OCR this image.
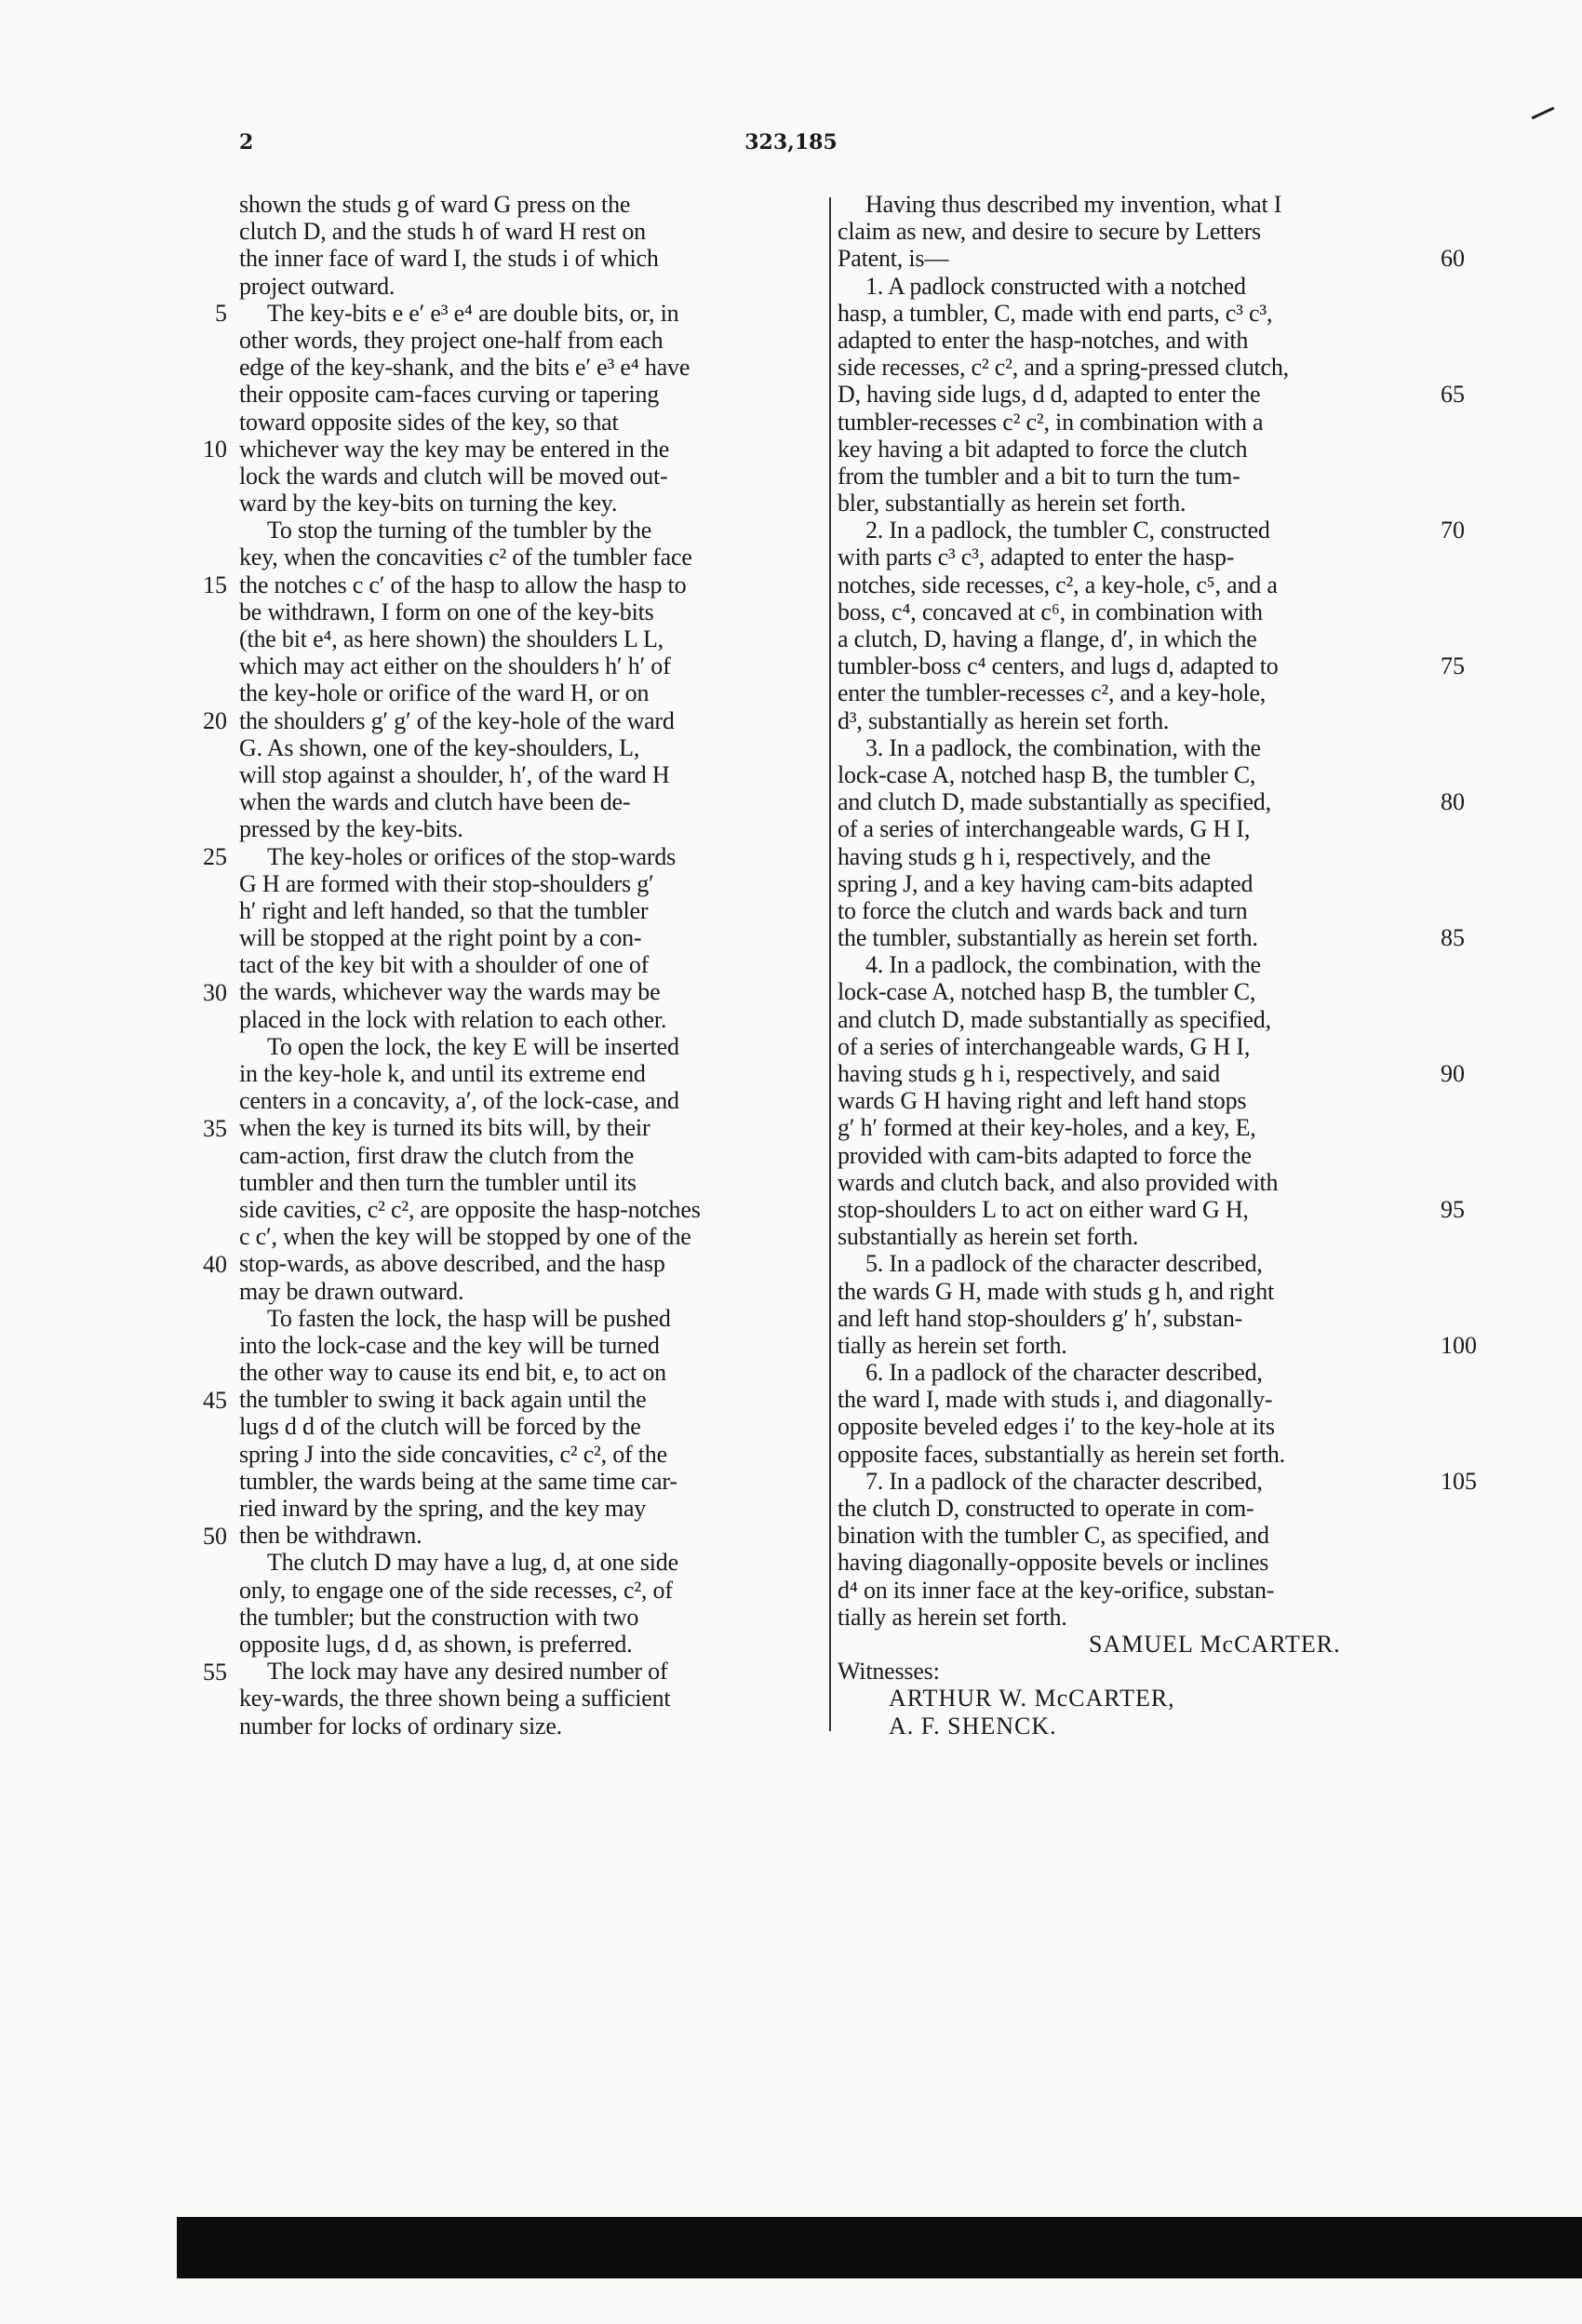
2	323,185
shown the studs g of ward G press on the
clutch D, and the studs h of ward H rest on
the inner face of ward I, the studs i of which
project outward.
The key-bits e e′ e³ e⁴ are double bits, or, in
other words, they project one-half from each
edge of the key-shank, and the bits e′ e³ e⁴ have
their opposite cam-faces curving or tapering
toward opposite sides of the key, so that
whichever way the key may be entered in the
lock the wards and clutch will be moved out-
ward by the key-bits on turning the key.
To stop the turning of the tumbler by the
key, when the concavities c² of the tumbler face
the notches c c′ of the hasp to allow the hasp to
be withdrawn, I form on one of the key-bits
(the bit e⁴, as here shown) the shoulders L L,
which may act either on the shoulders h′ h′ of
the key-hole or orifice of the ward H, or on
the shoulders g′ g′ of the key-hole of the ward
G. As shown, one of the key-shoulders, L,
will stop against a shoulder, h′, of the ward H
when the wards and clutch have been de-
pressed by the key-bits.
The key-holes or orifices of the stop-wards
G H are formed with their stop-shoulders g′
h′ right and left handed, so that the tumbler
will be stopped at the right point by a con-
tact of the key bit with a shoulder of one of
the wards, whichever way the wards may be
placed in the lock with relation to each other.
To open the lock, the key E will be inserted
in the key-hole k, and until its extreme end
centers in a concavity, a′, of the lock-case, and
when the key is turned its bits will, by their
cam-action, first draw the clutch from the
tumbler and then turn the tumbler until its
side cavities, c² c², are opposite the hasp-notches
c c′, when the key will be stopped by one of the
stop-wards, as above described, and the hasp
may be drawn outward.
To fasten the lock, the hasp will be pushed
into the lock-case and the key will be turned
the other way to cause its end bit, e, to act on
the tumbler to swing it back again until the
lugs d d of the clutch will be forced by the
spring J into the side concavities, c² c², of the
tumbler, the wards being at the same time car-
ried inward by the spring, and the key may
then be withdrawn.
The clutch D may have a lug, d, at one side
only, to engage one of the side recesses, c², of
the tumbler; but the construction with two
opposite lugs, d d, as shown, is preferred.
The lock may have any desired number of
key-wards, the three shown being a sufficient
number for locks of ordinary size.
Having thus described my invention, what I
claim as new, and desire to secure by Letters
Patent, is—
1. A padlock constructed with a notched
hasp, a tumbler, C, made with end parts, c³ c³,
adapted to enter the hasp-notches, and with
side recesses, c² c², and a spring-pressed clutch,
D, having side lugs, d d, adapted to enter the
tumbler-recesses c² c², in combination with a
key having a bit adapted to force the clutch
from the tumbler and a bit to turn the tum-
bler, substantially as herein set forth.
2. In a padlock, the tumbler C, constructed
with parts c³ c³, adapted to enter the hasp-
notches, side recesses, c², a key-hole, c⁵, and a
boss, c⁴, concaved at c⁶, in combination with
a clutch, D, having a flange, d′, in which the
tumbler-boss c⁴ centers, and lugs d, adapted to
enter the tumbler-recesses c², and a key-hole,
d³, substantially as herein set forth.
3. In a padlock, the combination, with the
lock-case A, notched hasp B, the tumbler C,
and clutch D, made substantially as specified,
of a series of interchangeable wards, G H I,
having studs g h i, respectively, and the
spring J, and a key having cam-bits adapted
to force the clutch and wards back and turn
the tumbler, substantially as herein set forth.
4. In a padlock, the combination, with the
lock-case A, notched hasp B, the tumbler C,
and clutch D, made substantially as specified,
of a series of interchangeable wards, G H I,
having studs g h i, respectively, and said
wards G H having right and left hand stops
g′ h′ formed at their key-holes, and a key, E,
provided with cam-bits adapted to force the
wards and clutch back, and also provided with
stop-shoulders L to act on either ward G H,
substantially as herein set forth.
5. In a padlock of the character described,
the wards G H, made with studs g h, and right
and left hand stop-shoulders g′ h′, substan-
tially as herein set forth.
6. In a padlock of the character described,
the ward I, made with studs i, and diagonally-
opposite beveled edges i′ to the key-hole at its
opposite faces, substantially as herein set forth.
7. In a padlock of the character described,
the clutch D, constructed to operate in com-
bination with the tumbler C, as specified, and
having diagonally-opposite bevels or inclines
d⁴ on its inner face at the key-orifice, substan-
tially as herein set forth.
SAMUEL McCARTER.
Witnesses:
ARTHUR W. McCARTER,
A. F. SHENCK.
5
10
15
20
25
30
35
40
45
50
55
60
65
70
75
80
85
90
95
100
105
